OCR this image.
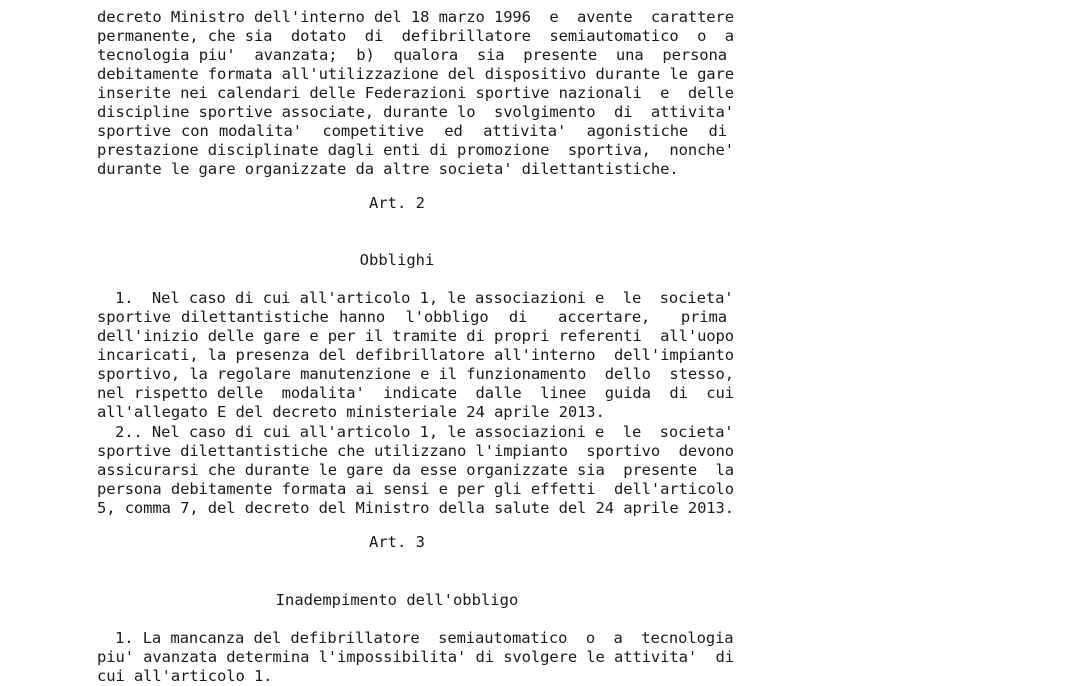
decreto Ministro dell'interno del 18 marzo 1996  e  avente  carattere
permanente, che sia  dotato  di  defibrillatore  semiautomatico  o  a
tecnologia piu'  avanzata;  b)  qualora  sia  presente  una  persona
debitamente formata all'utilizzazione del dispositivo durante le gare
inserite nei calendari delle Federazioni sportive nazionali  e  delle
discipline sportive associate, durante lo  svolgimento  di  attivita'
sportive con modalita'  competitive  ed  attivita'  agonistiche  di
prestazione disciplinate dagli enti di promozione  sportiva,  nonche'
durante le gare organizzate da altre societa' dilettantistiche.
Art. 2
Obblighi
1.  Nel caso di cui all'articolo 1, le associazioni e  le  societa'
sportive dilettantistiche hanno  l'obbligo  di   accertare,   prima
dell'inizio delle gare e per il tramite di propri referenti  all'uopo
incaricati, la presenza del defibrillatore all'interno  dell'impianto
sportivo, la regolare manutenzione e il funzionamento  dello  stesso,
nel rispetto delle  modalita'  indicate  dalle  linee  guida  di  cui
all'allegato E del decreto ministeriale 24 aprile 2013.
2.. Nel caso di cui all'articolo 1, le associazioni e  le  societa'
sportive dilettantistiche che utilizzano l'impianto  sportivo  devono
assicurarsi che durante le gare da esse organizzate sia  presente  la
persona debitamente formata ai sensi e per gli effetti  dell'articolo
5, comma 7, del decreto del Ministro della salute del 24 aprile 2013.
Art. 3
Inadempimento dell'obbligo
1. La mancanza del defibrillatore  semiautomatico  o  a  tecnologia
piu' avanzata determina l'impossibilita' di svolgere le attivita'  di
cui all'articolo 1.
